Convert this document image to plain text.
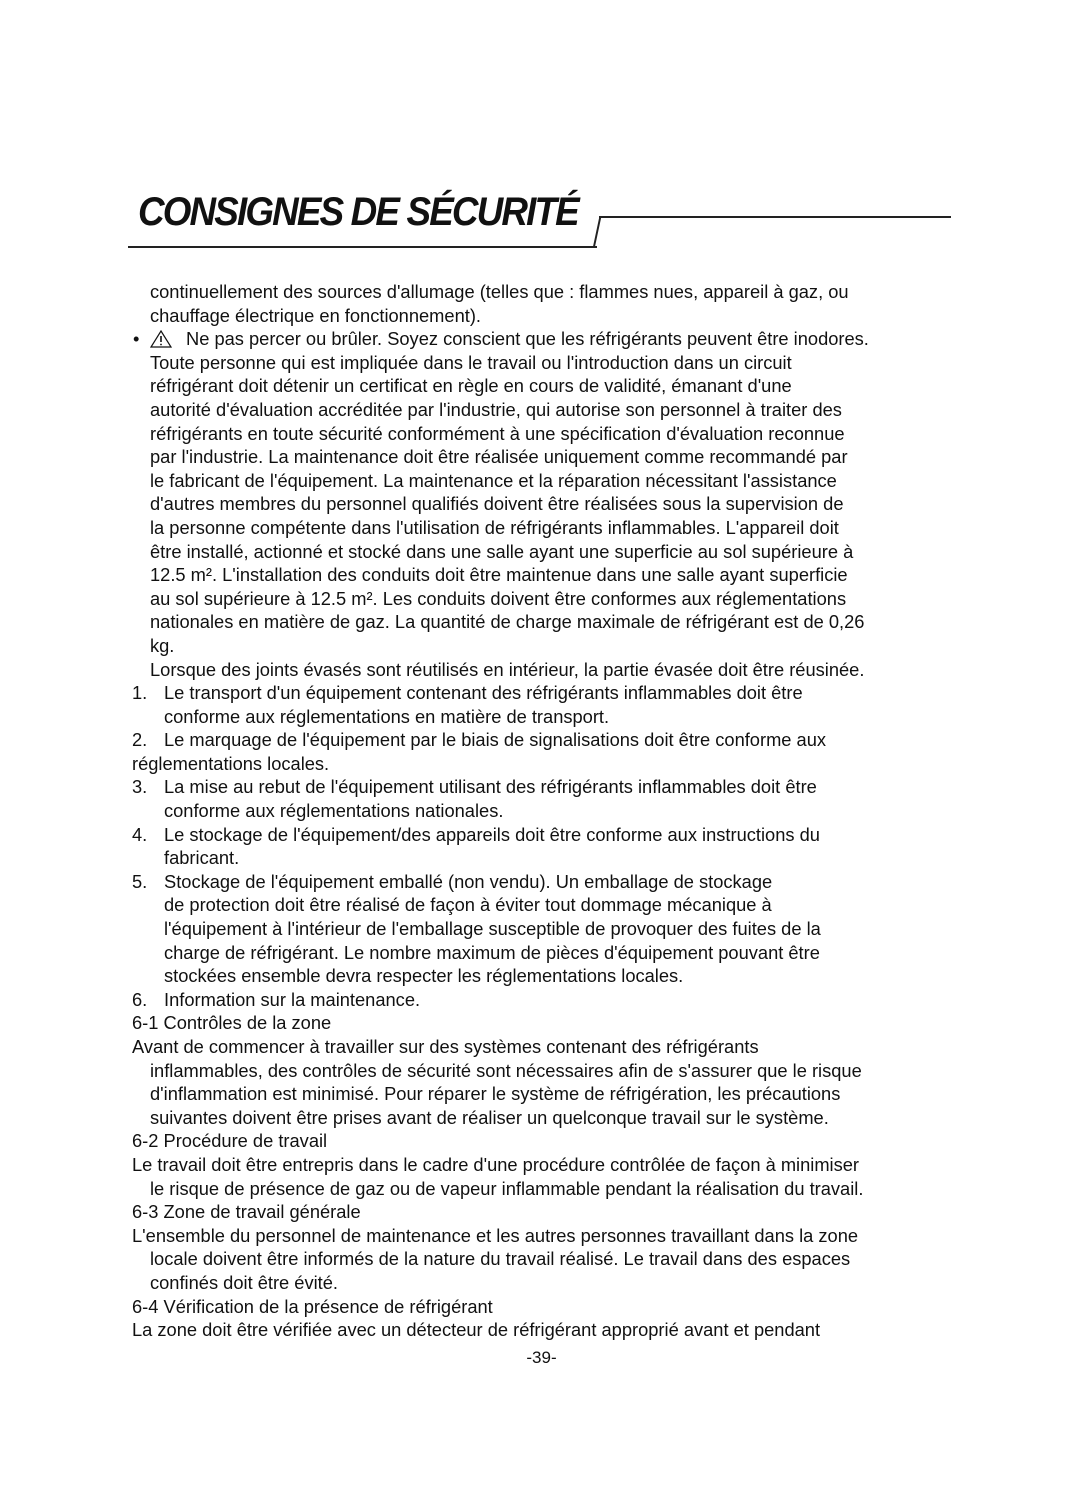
CONSIGNES DE SÉCURITÉ
continuellement des sources d'allumage (telles que : flammes nues, appareil à gaz, ou
chauffage électrique en fonctionnement).
•	Ne pas percer ou brûler. Soyez conscient que les réfrigérants peuvent être inodores.
Toute personne qui est impliquée dans le travail ou l'introduction dans un circuit
réfrigérant doit détenir un certificat en règle en cours de validité, émanant d'une
autorité d'évaluation accréditée par l'industrie, qui autorise son personnel à traiter des
réfrigérants en toute sécurité conformément à une spécification d'évaluation reconnue
par l'industrie. La maintenance doit être réalisée uniquement comme recommandé par
le fabricant de l'équipement. La maintenance et la réparation nécessitant l'assistance
d'autres membres du personnel qualifiés doivent être réalisées sous la supervision de
la personne compétente dans l'utilisation de réfrigérants inflammables. L'appareil doit
être installé, actionné et stocké dans une salle ayant une superficie au sol supérieure à
12.5 m². L'installation des conduits doit être maintenue dans une salle ayant superficie
au sol supérieure à 12.5 m². Les conduits doivent être conformes aux réglementations
nationales en matière de gaz. La quantité de charge maximale de réfrigérant est de 0,26
kg.
Lorsque des joints évasés sont réutilisés en intérieur, la partie évasée doit être réusinée.
1. Le transport d'un équipement contenant des réfrigérants inflammables doit être
conforme aux réglementations en matière de transport.
2. Le marquage de l'équipement par le biais de signalisations doit être conforme aux
réglementations locales.
3. La mise au rebut de l'équipement utilisant des réfrigérants inflammables doit être
conforme aux réglementations nationales.
4. Le stockage de l'équipement/des appareils doit être conforme aux instructions du
fabricant.
5. Stockage de l'équipement emballé (non vendu). Un emballage de stockage
de protection doit être réalisé de façon à éviter tout dommage mécanique à
l'équipement à l'intérieur de l'emballage susceptible de provoquer des fuites de la
charge de réfrigérant. Le nombre maximum de pièces d'équipement pouvant être
stockées ensemble devra respecter les réglementations locales.
6. Information sur la maintenance.
6-1 Contrôles de la zone
Avant de commencer à travailler sur des systèmes contenant des réfrigérants
inflammables, des contrôles de sécurité sont nécessaires afin de s'assurer que le risque
d'inflammation est minimisé. Pour réparer le système de réfrigération, les précautions
suivantes doivent être prises avant de réaliser un quelconque travail sur le système.
6-2 Procédure de travail
Le travail doit être entrepris dans le cadre d'une procédure contrôlée de façon à minimiser
le risque de présence de gaz ou de vapeur inflammable pendant la réalisation du travail.
6-3 Zone de travail générale
L'ensemble du personnel de maintenance et les autres personnes travaillant dans la zone
locale doivent être informés de la nature du travail réalisé. Le travail dans des espaces
confinés doit être évité.
6-4 Vérification de la présence de réfrigérant
La zone doit être vérifiée avec un détecteur de réfrigérant approprié avant et pendant
-39-
